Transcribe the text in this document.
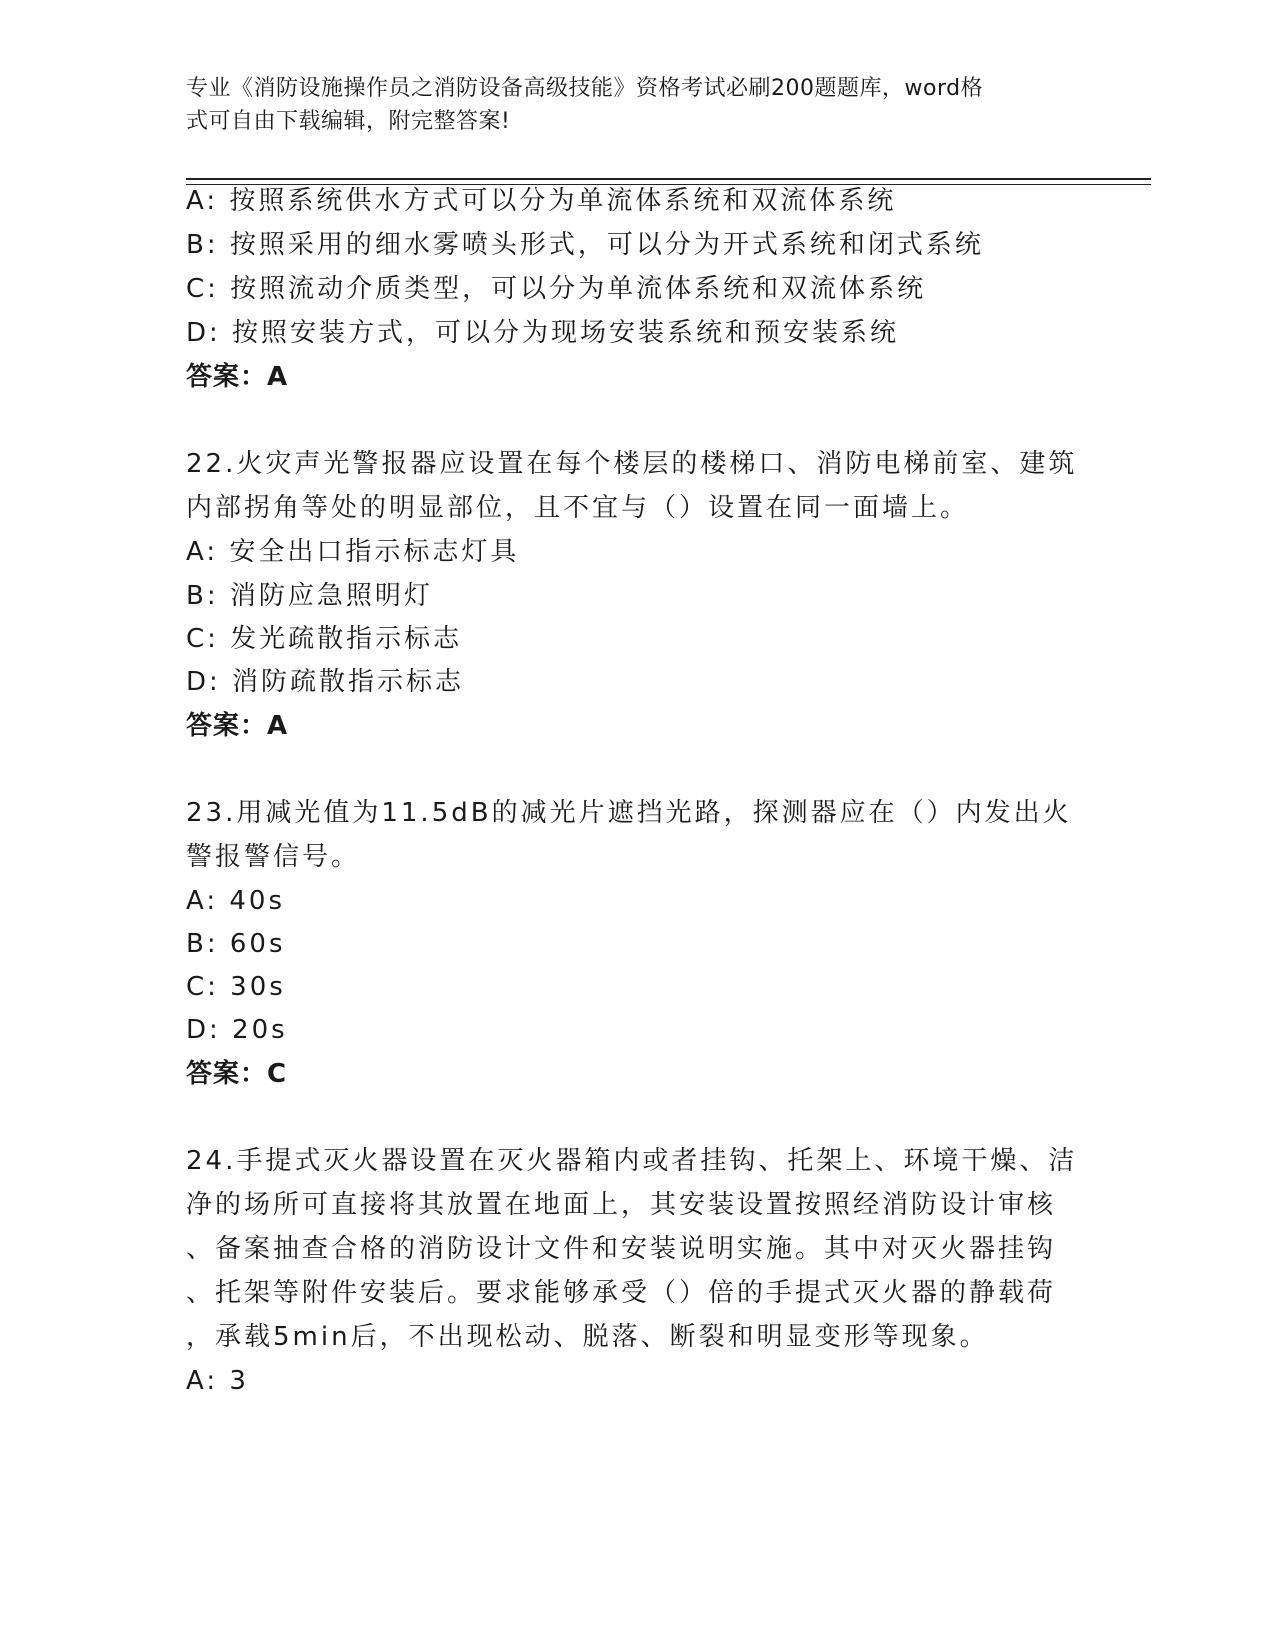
专业《消防设施操作员之消防设备高级技能》资格考试必刷200题题库，word格
式可自由下载编辑，附完整答案!
A: 按照系统供水方式可以分为单流体系统和双流体系统
B: 按照采用的细水雾喷头形式，可以分为开式系统和闭式系统
C: 按照流动介质类型，可以分为单流体系统和双流体系统
D: 按照安装方式，可以分为现场安装系统和预安装系统
答案：A
22.火灾声光警报器应设置在每个楼层的楼梯口、消防电梯前室、建筑
内部拐角等处的明显部位，且不宜与（）设置在同一面墙上。
A: 安全出口指示标志灯具
B: 消防应急照明灯
C: 发光疏散指示标志
D: 消防疏散指示标志
答案：A
23.用减光值为11.5dB的减光片遮挡光路，探测器应在（）内发出火
警报警信号。
A: 40s
B: 60s
C: 30s
D: 20s
答案：C
24.手提式灭火器设置在灭火器箱内或者挂钩、托架上、环境干燥、洁
净的场所可直接将其放置在地面上，其安装设置按照经消防设计审核
、备案抽查合格的消防设计文件和安装说明实施。其中对灭火器挂钩
、托架等附件安装后。要求能够承受（）倍的手提式灭火器的静载荷
，承载5min后，不出现松动、脱落、断裂和明显变形等现象。
A: 3
